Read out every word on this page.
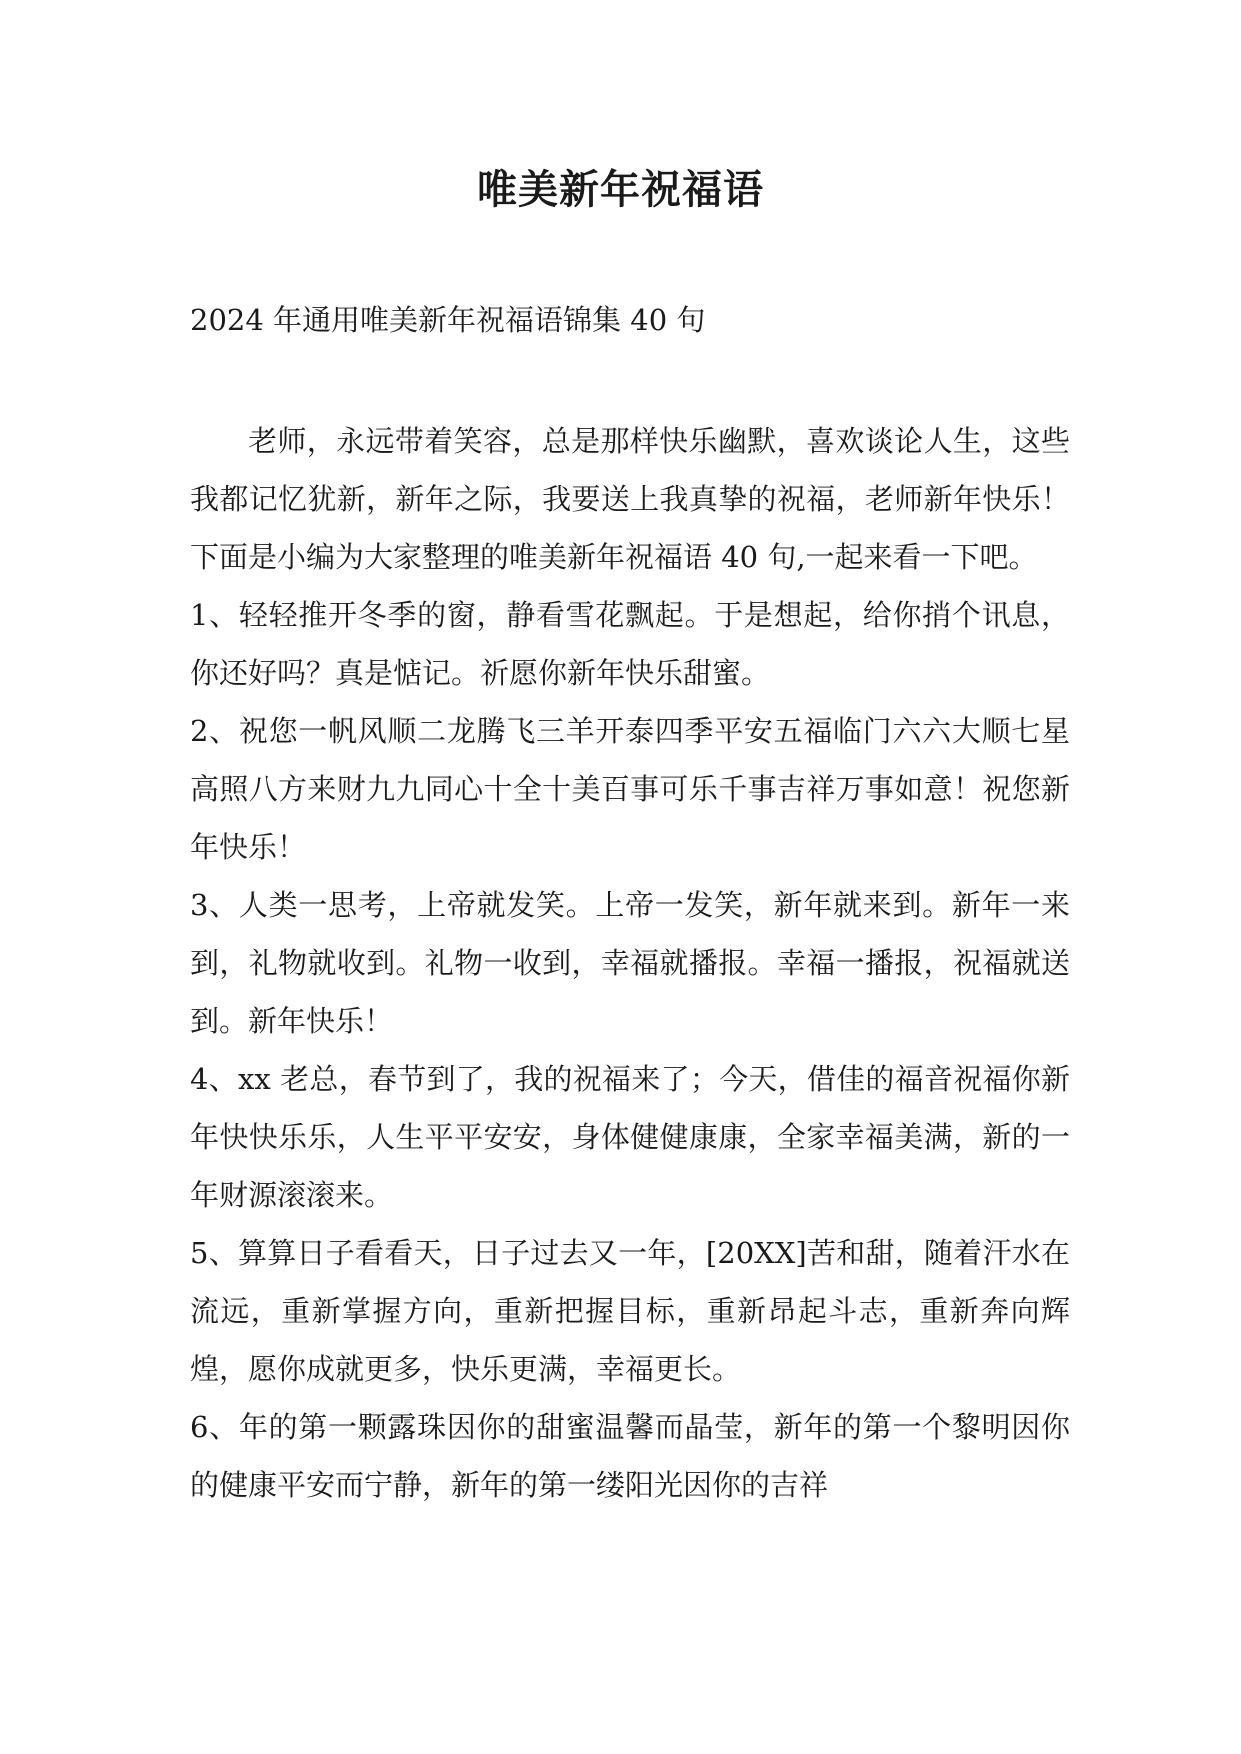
唯美新年祝福语

2024 年通用唯美新年祝福语锦集 40 句

老师，永远带着笑容，总是那样快乐幽默，喜欢谈论人生，这些我都记忆犹新，新年之际，我要送上我真挚的祝福，老师新年快乐！下面是小编为大家整理的唯美新年祝福语 40 句,一起来看一下吧。

1、轻轻推开冬季的窗，静看雪花飘起。于是想起，给你捎个讯息，你还好吗？真是惦记。祈愿你新年快乐甜蜜。

2、祝您一帆风顺二龙腾飞三羊开泰四季平安五福临门六六大顺七星高照八方来财九九同心十全十美百事可乐千事吉祥万事如意！祝您新年快乐！

3、人类一思考，上帝就发笑。上帝一发笑，新年就来到。新年一来到，礼物就收到。礼物一收到，幸福就播报。幸福一播报，祝福就送到。新年快乐！

4、xx 老总，春节到了，我的祝福来了；今天，借佳的福音祝福你新年快快乐乐，人生平平安安，身体健健康康，全家幸福美满，新的一年财源滚滚来。

5、算算日子看看天，日子过去又一年，[20XX]苦和甜，随着汗水在流远，重新掌握方向，重新把握目标，重新昂起斗志，重新奔向辉煌，愿你成就更多，快乐更满，幸福更长。

6、年的第一颗露珠因你的甜蜜温馨而晶莹，新年的第一个黎明因你的健康平安而宁静，新年的第一缕阳光因你的吉祥
